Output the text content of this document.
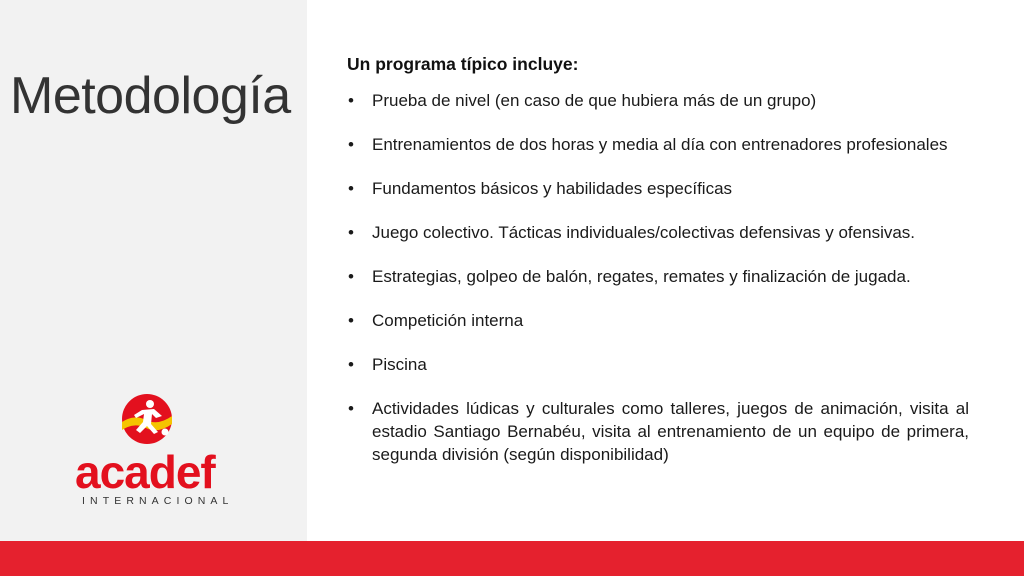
Metodología
acadef
INTERNACIONAL

Un programa típico incluye:

• Prueba de nivel (en caso de que hubiera más de un grupo)
• Entrenamientos de dos horas y media al día con entrenadores profesionales
• Fundamentos básicos y habilidades específicas
• Juego colectivo. Tácticas individuales/colectivas defensivas y ofensivas.
• Estrategias, golpeo de balón, regates, remates y finalización de jugada.
• Competición interna
• Piscina
• Actividades lúdicas y culturales como talleres, juegos de animación, visita al estadio Santiago Bernabéu, visita al entrenamiento de un equipo de primera, segunda división (según disponibilidad)
